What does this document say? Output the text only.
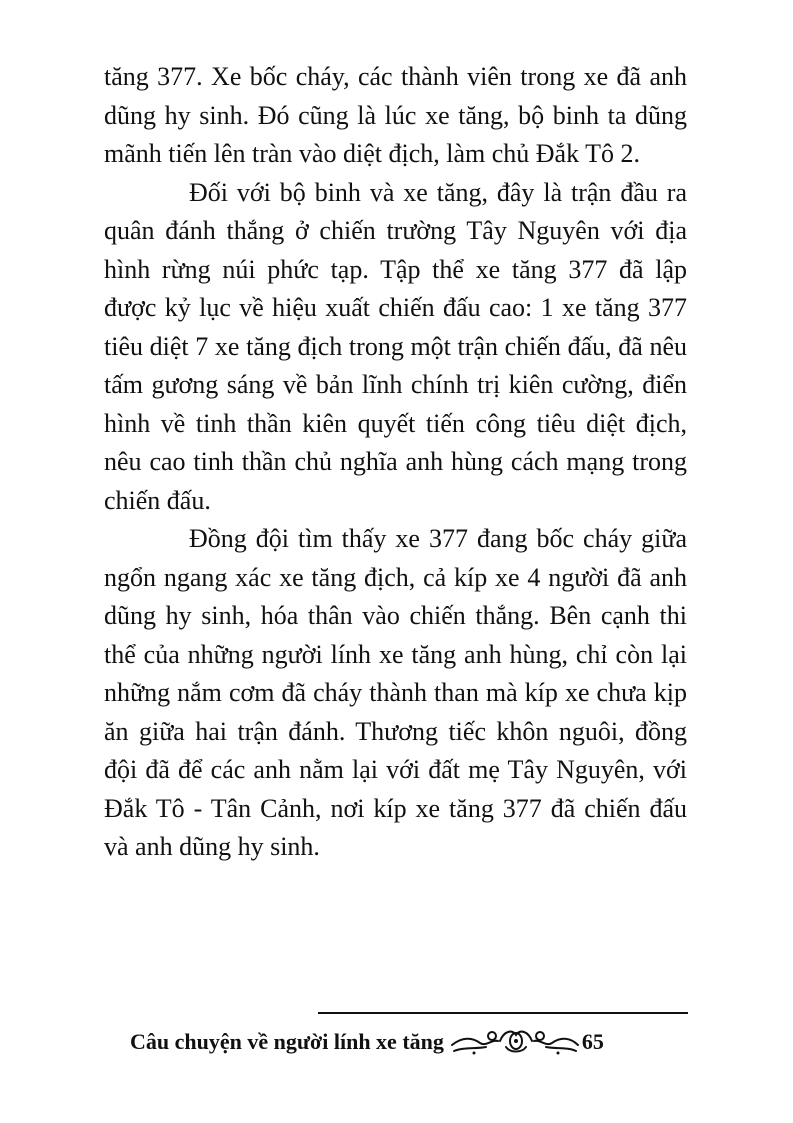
tăng 377. Xe bốc cháy, các thành viên trong xe đã anh dũng hy sinh. Đó cũng là lúc xe tăng, bộ binh ta dũng mãnh tiến lên tràn vào diệt địch, làm chủ Đắk Tô 2.

Đối với bộ binh và xe tăng, đây là trận đầu ra quân đánh thắng ở chiến trường Tây Nguyên với địa hình rừng núi phức tạp. Tập thể xe tăng 377 đã lập được kỷ lục về hiệu xuất chiến đấu cao: 1 xe tăng 377 tiêu diệt 7 xe tăng địch trong một trận chiến đấu, đã nêu tấm gương sáng về bản lĩnh chính trị kiên cường, điển hình về tinh thần kiên quyết tiến công tiêu diệt địch, nêu cao tinh thần chủ nghĩa anh hùng cách mạng trong chiến đấu.

Đồng đội tìm thấy xe 377 đang bốc cháy giữa ngổn ngang xác xe tăng địch, cả kíp xe 4 người đã anh dũng hy sinh, hóa thân vào chiến thắng. Bên cạnh thi thể của những người lính xe tăng anh hùng, chỉ còn lại những nắm cơm đã cháy thành than mà kíp xe chưa kịp ăn giữa hai trận đánh. Thương tiếc khôn nguôi, đồng đội đã để các anh nằm lại với đất mẹ Tây Nguyên, với Đắk Tô - Tân Cảnh, nơi kíp xe tăng 377 đã chiến đấu và anh dũng hy sinh.

Câu chuyện về người lính xe tăng	65
